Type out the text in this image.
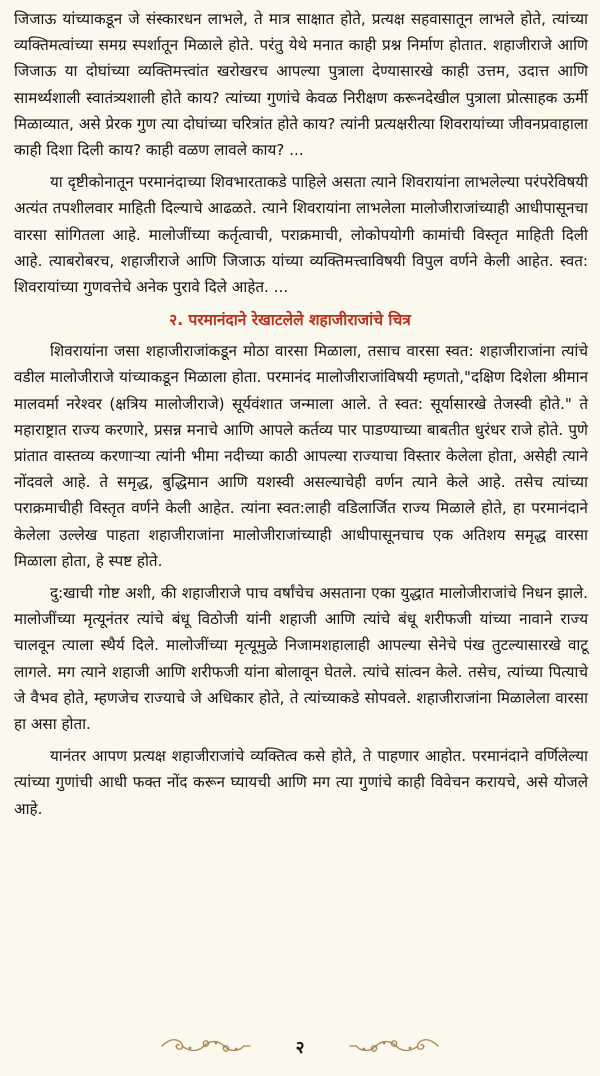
जिजाऊ यांच्याकडून जे संस्कारधन लाभले, ते मात्र साक्षात होते, प्रत्यक्ष सहवासातून लाभले होते, त्यांच्या व्यक्तिमत्वांच्या समग्र स्पर्शातून मिळाले होते. परंतु येथे मनात काही प्रश्न निर्माण होतात. शहाजीराजे आणि जिजाऊ या दोघांच्या व्यक्तिमत्त्वांत खरोखरच आपल्या पुत्राला देण्यासारखे काही उत्तम, उदात्त आणि सामर्थ्यशाली स्वातंत्र्यशाली होते काय? त्यांच्या गुणांचे केवळ निरीक्षण करूनदेखील पुत्राला प्रोत्साहक ऊर्मी मिळाव्यात, असे प्रेरक गुण त्या दोघांच्या चरित्रांत होते काय? त्यांनी प्रत्यक्षरीत्या शिवरायांच्या जीवनप्रवाहाला काही दिशा दिली काय? काही वळण लावले काय? ...

या दृष्टीकोनातून परमानंदाच्या शिवभारताकडे पाहिले असता त्याने शिवरायांना लाभलेल्या परंपरेविषयी अत्यंत तपशीलवार माहिती दिल्याचे आढळते. त्याने शिवरायांना लाभलेला मालोजीराजांच्याही आधीपासूनचा वारसा सांगितला आहे. मालोजींच्या कर्तृत्वाची, पराक्रमाची, लोकोपयोगी कामांची विस्तृत माहिती दिली आहे. त्याबरोबरच, शहाजीराजे आणि जिजाऊ यांच्या व्यक्तिमत्त्वाविषयी विपुल वर्णने केली आहेत. स्वत: शिवरायांच्या गुणवत्तेचे अनेक पुरावे दिले आहेत. ...

२. परमानंदाने रेखाटलेले शहाजीराजांचे चित्र

शिवरायांना जसा शहाजीराजांकडून मोठा वारसा मिळाला, तसाच वारसा स्वत: शहाजीराजांना त्यांचे वडील मालोजीराजे यांच्याकडून मिळाला होता. परमानंद मालोजीराजांविषयी म्हणतो,"दक्षिण दिशेला श्रीमान मालवर्मा नरेश्वर (क्षत्रिय मालोजीराजे) सूर्यवंशात जन्माला आले. ते स्वत: सूर्यासारखे तेजस्वी होते." ते महाराष्ट्रात राज्य करणारे, प्रसन्न मनाचे आणि आपले कर्तव्य पार पाडण्याच्या बाबतीत धुरंधर राजे होते. पुणे प्रांतात वास्तव्य करणाऱ्या त्यांनी भीमा नदीच्या काठी आपल्या राज्याचा विस्तार केलेला होता, असेही त्याने नोंदवले आहे. ते समृद्ध, बुद्धिमान आणि यशस्वी असल्याचेही वर्णन त्याने केले आहे. तसेच त्यांच्या पराक्रमाचीही विस्तृत वर्णने केली आहेत. त्यांना स्वत:लाही वडिलार्जित राज्य मिळाले होते, हा परमानंदाने केलेला उल्लेख पाहता शहाजीराजांना मालोजीराजांच्याही आधीपासूनचाच एक अतिशय समृद्ध वारसा मिळाला होता, हे स्पष्ट होते.

दु:खाची गोष्ट अशी, की शहाजीराजे पाच वर्षांचेच असताना एका युद्धात मालोजीराजांचे निधन झाले. मालोजींच्या मृत्यूनंतर त्यांचे बंधू विठोजी यांनी शहाजी आणि त्यांचे बंधू शरीफजी यांच्या नावाने राज्य चालवून त्याला स्थैर्य दिले. मालोजींच्या मृत्यूमुळे निजामशहालाही आपल्या सेनेचे पंख तुटल्यासारखे वाटू लागले. मग त्याने शहाजी आणि शरीफजी यांना बोलावून घेतले. त्यांचे सांत्वन केले. तसेच, त्यांच्या पित्याचे जे वैभव होते, म्हणजेच राज्याचे जे अधिकार होते, ते त्यांच्याकडे सोपवले. शहाजीराजांना मिळालेला वारसा हा असा होता.

यानंतर आपण प्रत्यक्ष शहाजीराजांचे व्यक्तित्व कसे होते, ते पाहणार आहोत. परमानंदाने वर्णिलेल्या त्यांच्या गुणांची आधी फक्त नोंद करून घ्यायची आणि मग त्या गुणांचे काही विवेचन करायचे, असे योजले आहे.

२
